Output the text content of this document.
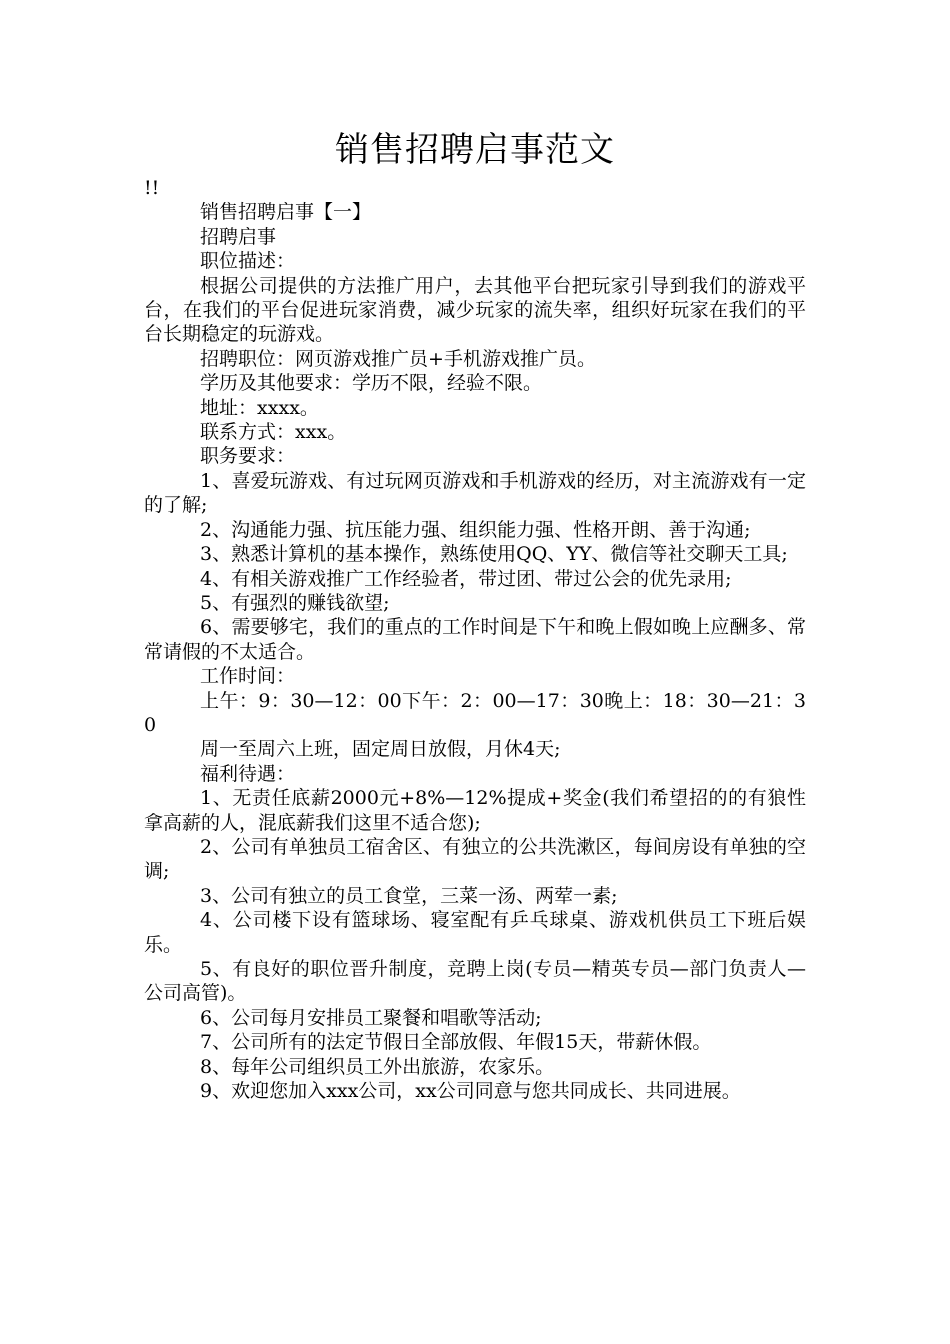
销售招聘启事范文

!!

销售招聘启事【一】

招聘启事

职位描述：

根据公司提供的方法推广用户，去其他平台把玩家引导到我们的游戏平台，在我们的平台促进玩家消费，减少玩家的流失率，组织好玩家在我们的平台长期稳定的玩游戏。

招聘职位：网页游戏推广员+手机游戏推广员。

学历及其他要求：学历不限，经验不限。

地址：xxxx。

联系方式：xxx。

职务要求：

1、喜爱玩游戏、有过玩网页游戏和手机游戏的经历，对主流游戏有一定的了解;

2、沟通能力强、抗压能力强、组织能力强、性格开朗、善于沟通;

3、熟悉计算机的基本操作，熟练使用QQ、YY、微信等社交聊天工具;

4、有相关游戏推广工作经验者，带过团、带过公会的优先录用;

5、有强烈的赚钱欲望;

6、需要够宅，我们的重点的工作时间是下午和晚上假如晚上应酬多、常常请假的不太适合。

工作时间：

上午：9：30—12：00下午：2：00—17：30晚上：18：30—21：30

周一至周六上班，固定周日放假，月休4天;

福利待遇：

1、无责任底薪2000元+8%—12%提成+奖金(我们希望招的的有狼性拿高薪的人，混底薪我们这里不适合您);

2、公司有单独员工宿舍区、有独立的公共洗漱区，每间房设有单独的空调;

3、公司有独立的员工食堂，三菜一汤、两荤一素;

4、公司楼下设有篮球场、寝室配有乒乓球桌、游戏机供员工下班后娱乐。

5、有良好的职位晋升制度，竞聘上岗(专员—精英专员—部门负责人—公司高管)。

6、公司每月安排员工聚餐和唱歌等活动;

7、公司所有的法定节假日全部放假、年假15天，带薪休假。

8、每年公司组织员工外出旅游，农家乐。

9、欢迎您加入xxx公司，xx公司同意与您共同成长、共同进展。
